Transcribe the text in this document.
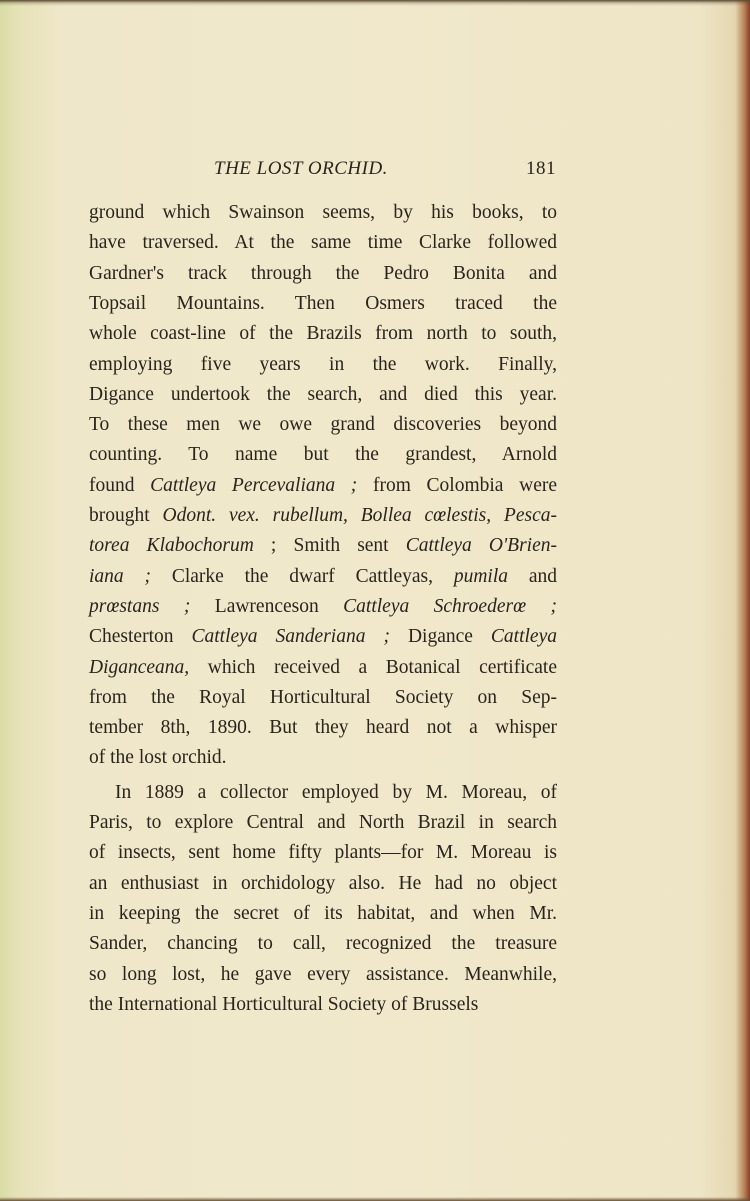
THE LOST ORCHID.	181
ground which Swainson seems, by his books, to
have traversed. At the same time Clarke followed
Gardner's track through the Pedro Bonita and
Topsail Mountains. Then Osmers traced the
whole coast-line of the Brazils from north to south,
employing five years in the work. Finally,
Digance undertook the search, and died this year.
To these men we owe grand discoveries beyond
counting. To name but the grandest, Arnold
found Cattleya Percevaliana ; from Colombia were
brought Odont. vex. rubellum, Bollea cœlestis, Pesca-
torea Klabochorum ; Smith sent Cattleya O'Brien-
iana ; Clarke the dwarf Cattleyas, pumila and
prœstans ; Lawrenceson Cattleya Schroederœ ;
Chesterton Cattleya Sanderiana ; Digance Cattleya
Diganceana, which received a Botanical certificate
from the Royal Horticultural Society on Sep-
tember 8th, 1890. But they heard not a whisper
of the lost orchid.
In 1889 a collector employed by M. Moreau, of
Paris, to explore Central and North Brazil in search
of insects, sent home fifty plants—for M. Moreau is
an enthusiast in orchidology also. He had no object
in keeping the secret of its habitat, and when Mr.
Sander, chancing to call, recognized the treasure
so long lost, he gave every assistance. Meanwhile,
the International Horticultural Society of Brussels
